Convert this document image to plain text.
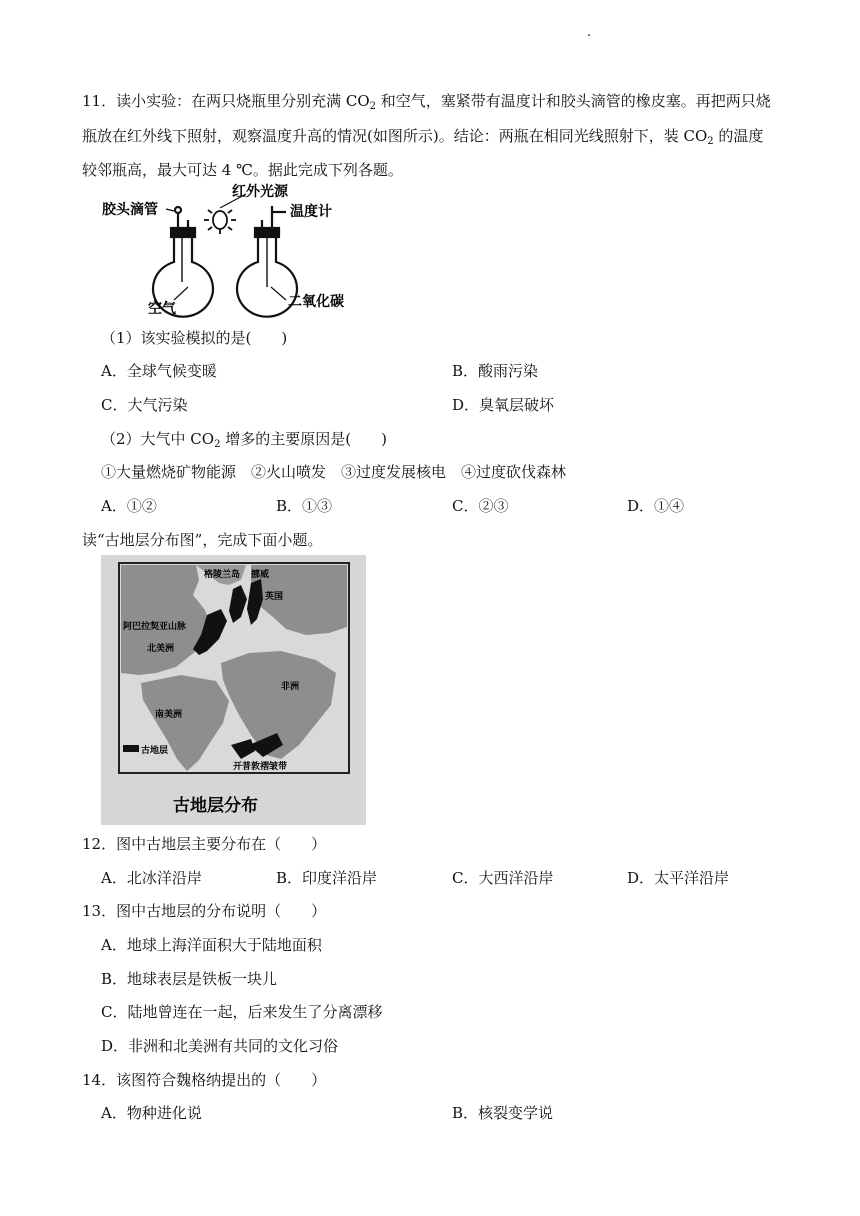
11．读小实验：在两只烧瓶里分别充满 $CO_2$ 和空气，塞紧带有温度计和胶头滴管的橡皮塞。再把两只烧
瓶放在红外线下照射，观察温度升高的情况(如图所示)。结论：两瓶在相同光线照射下，装 $CO_2$ 的温度
较邻瓶高，最大可达 4 ℃。据此完成下列各题。
胶头滴管
红外光源
温度计
空气	二氧化碳
（1）该实验模拟的是(　　)
A．全球气候变暖	B．酸雨污染
C．大气污染	D．臭氧层破坏
（2）大气中 $CO_2$ 增多的主要原因是(　　)
①大量燃烧矿物能源　②火山喷发　③过度发展核电　④过度砍伐森林
A．①②	B．①③	C．②③	D．①④
读“古地层分布图”，完成下面小题。
古地层
格陵兰岛 挪威
英国
阿巴拉契亚山脉
北美洲
非洲
南美洲
开普敦褶皱带
古地层分布
12．图中古地层主要分布在（　　）
A．北冰洋沿岸	B．印度洋沿岸	C．大西洋沿岸	D．太平洋沿岸
13．图中古地层的分布说明（　　）
A．地球上海洋面积大于陆地面积
B．地球表层是铁板一块儿
C．陆地曾连在一起，后来发生了分离漂移
D．非洲和北美洲有共同的文化习俗
14．该图符合魏格纳提出的（　　）
A．物种进化说	B．核裂变学说
